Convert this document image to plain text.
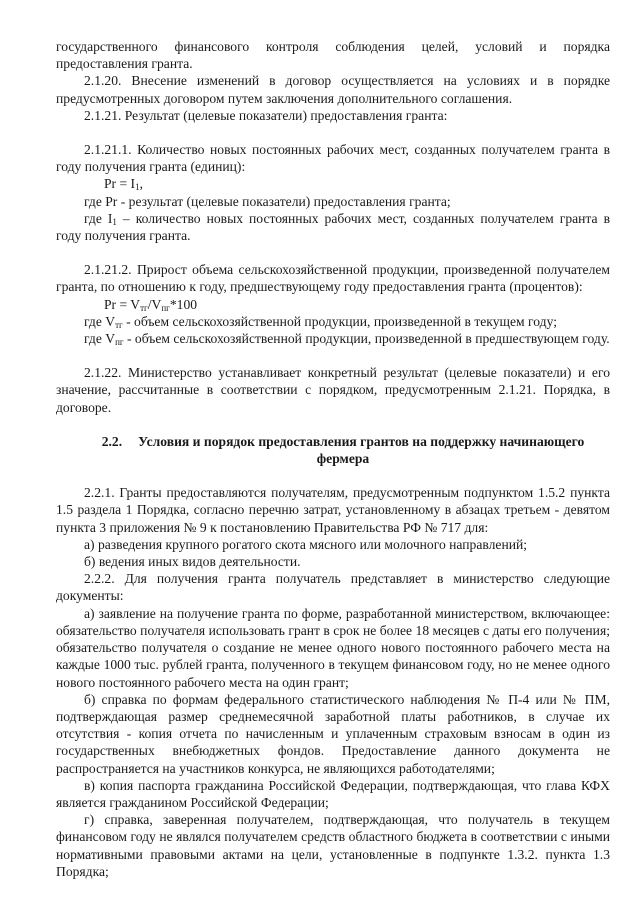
государственного финансового контроля соблюдения целей, условий и порядка предоставления гранта.

2.1.20. Внесение изменений в договор осуществляется на условиях и в порядке предусмотренных договором путем заключения дополнительного соглашения.

2.1.21. Результат (целевые показатели) предоставления гранта:

2.1.21.1. Количество новых постоянных рабочих мест, созданных получателем гранта в году получения гранта (единиц):

$Pr = I_1$,

где Pr - результат (целевые показатели) предоставления гранта;

где $I_1$ – количество новых постоянных рабочих мест, созданных получателем гранта в году получения гранта.

2.1.21.2. Прирост объема сельскохозяйственной продукции, произведенной получателем гранта, по отношению к году, предшествующему году предоставления гранта (процентов):

$Pr = V_{тг}/V_{пг}*100$

где $V_{тг}$ - объем сельскохозяйственной продукции, произведенной в текущем году;

где $V_{пг}$ - объем сельскохозяйственной продукции, произведенной в предшествующем году.

2.1.22. Министерство устанавливает конкретный результат (целевые показатели) и его значение, рассчитанные в соответствии с порядком, предусмотренным 2.1.21. Порядка, в договоре.

2.2. Условия и порядок предоставления грантов на поддержку начинающего фермера

2.2.1. Гранты предоставляются получателям, предусмотренным подпунктом 1.5.2 пункта 1.5 раздела 1 Порядка, согласно перечню затрат, установленному в абзацах третьем - девятом пункта 3 приложения № 9 к постановлению Правительства РФ № 717 для:

а) разведения крупного рогатого скота мясного или молочного направлений;

б) ведения иных видов деятельности.

2.2.2. Для получения гранта получатель представляет в министерство следующие документы:

а) заявление на получение гранта по форме, разработанной министерством, включающее: обязательство получателя использовать грант в срок не более 18 месяцев с даты его получения; обязательство получателя о создание не менее одного нового постоянного рабочего места на каждые 1000 тыс. рублей гранта, полученного в текущем финансовом году, но не менее одного нового постоянного рабочего места на один грант;

б) справка по формам федерального статистического наблюдения № П-4 или № ПМ, подтверждающая размер среднемесячной заработной платы работников, в случае их отсутствия - копия отчета по начисленным и уплаченным страховым взносам в один из государственных внебюджетных фондов. Предоставление данного документа не распространяется на участников конкурса, не являющихся работодателями;

в) копия паспорта гражданина Российской Федерации, подтверждающая, что глава КФХ является гражданином Российской Федерации;

г) справка, заверенная получателем, подтверждающая, что получатель в текущем финансовом году не являлся получателем средств областного бюджета в соответствии с иными нормативными правовыми актами на цели, установленные в подпункте 1.3.2. пункта 1.3 Порядка;
